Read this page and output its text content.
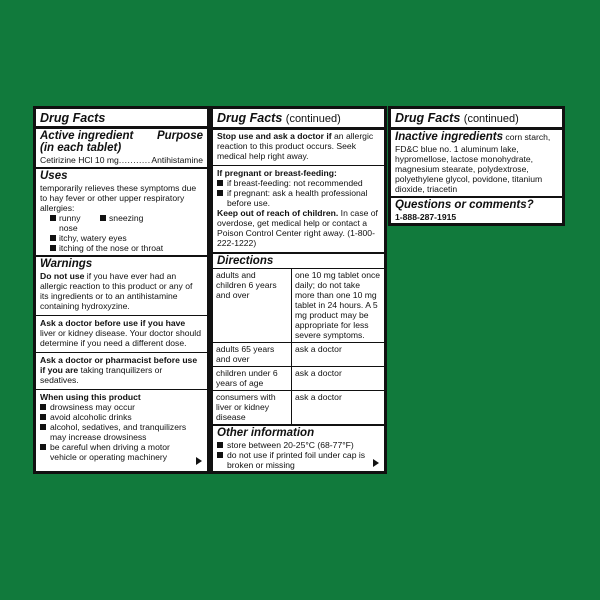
Drug Facts
Active ingredient Purpose
(in each tablet)
Cetirizine HCl 10 mg .....	Antihistamine
Uses
temporarily relieves these symptoms due to hay fever or other upper respiratory allergies:
runny nose
sneezing
itchy, watery eyes
itching of the nose or throat
Warnings
Do not use if you have ever had an allergic reaction to this product or any of its ingredients or to an antihistamine containing hydroxyzine.
Ask a doctor before use if you have
liver or kidney disease. Your doctor should determine if you need a different dose.
Ask a doctor or pharmacist before use if you are taking tranquilizers or sedatives.
When using this product
drowsiness may occur
avoid alcoholic drinks
alcohol, sedatives, and tranquilizers may increase drowsiness
be careful when driving a motor vehicle or operating machinery
Drug Facts (continued)
Stop use and ask a doctor if an allergic reaction to this product occurs. Seek medical help right away.
If pregnant or breast-feeding:
if breast-feeding: not recommended
if pregnant: ask a health professional before use.
Keep out of reach of children. In case of overdose, get medical help or contact a Poison Control Center right away. (1-800-222-1222)
Directions
adults and children 6 years and over	one 10 mg tablet once daily; do not take more than one 10 mg tablet in 24 hours. A 5 mg product may be appropriate for less severe symptoms.
adults 65 years and over	ask a doctor
children under 6 years of age	ask a doctor
consumers with liver or kidney disease	ask a doctor
Other information
store between 20-25°C (68-77°F)
do not use if printed foil under cap is broken or missing
Drug Facts (continued)
Inactive ingredients corn starch, FD&C blue no. 1 aluminum lake, hypromellose, lactose monohydrate, magnesium stearate, polydextrose, polyethylene glycol, povidone, titanium dioxide, triacetin
Questions or comments?
1-888-287-1915
